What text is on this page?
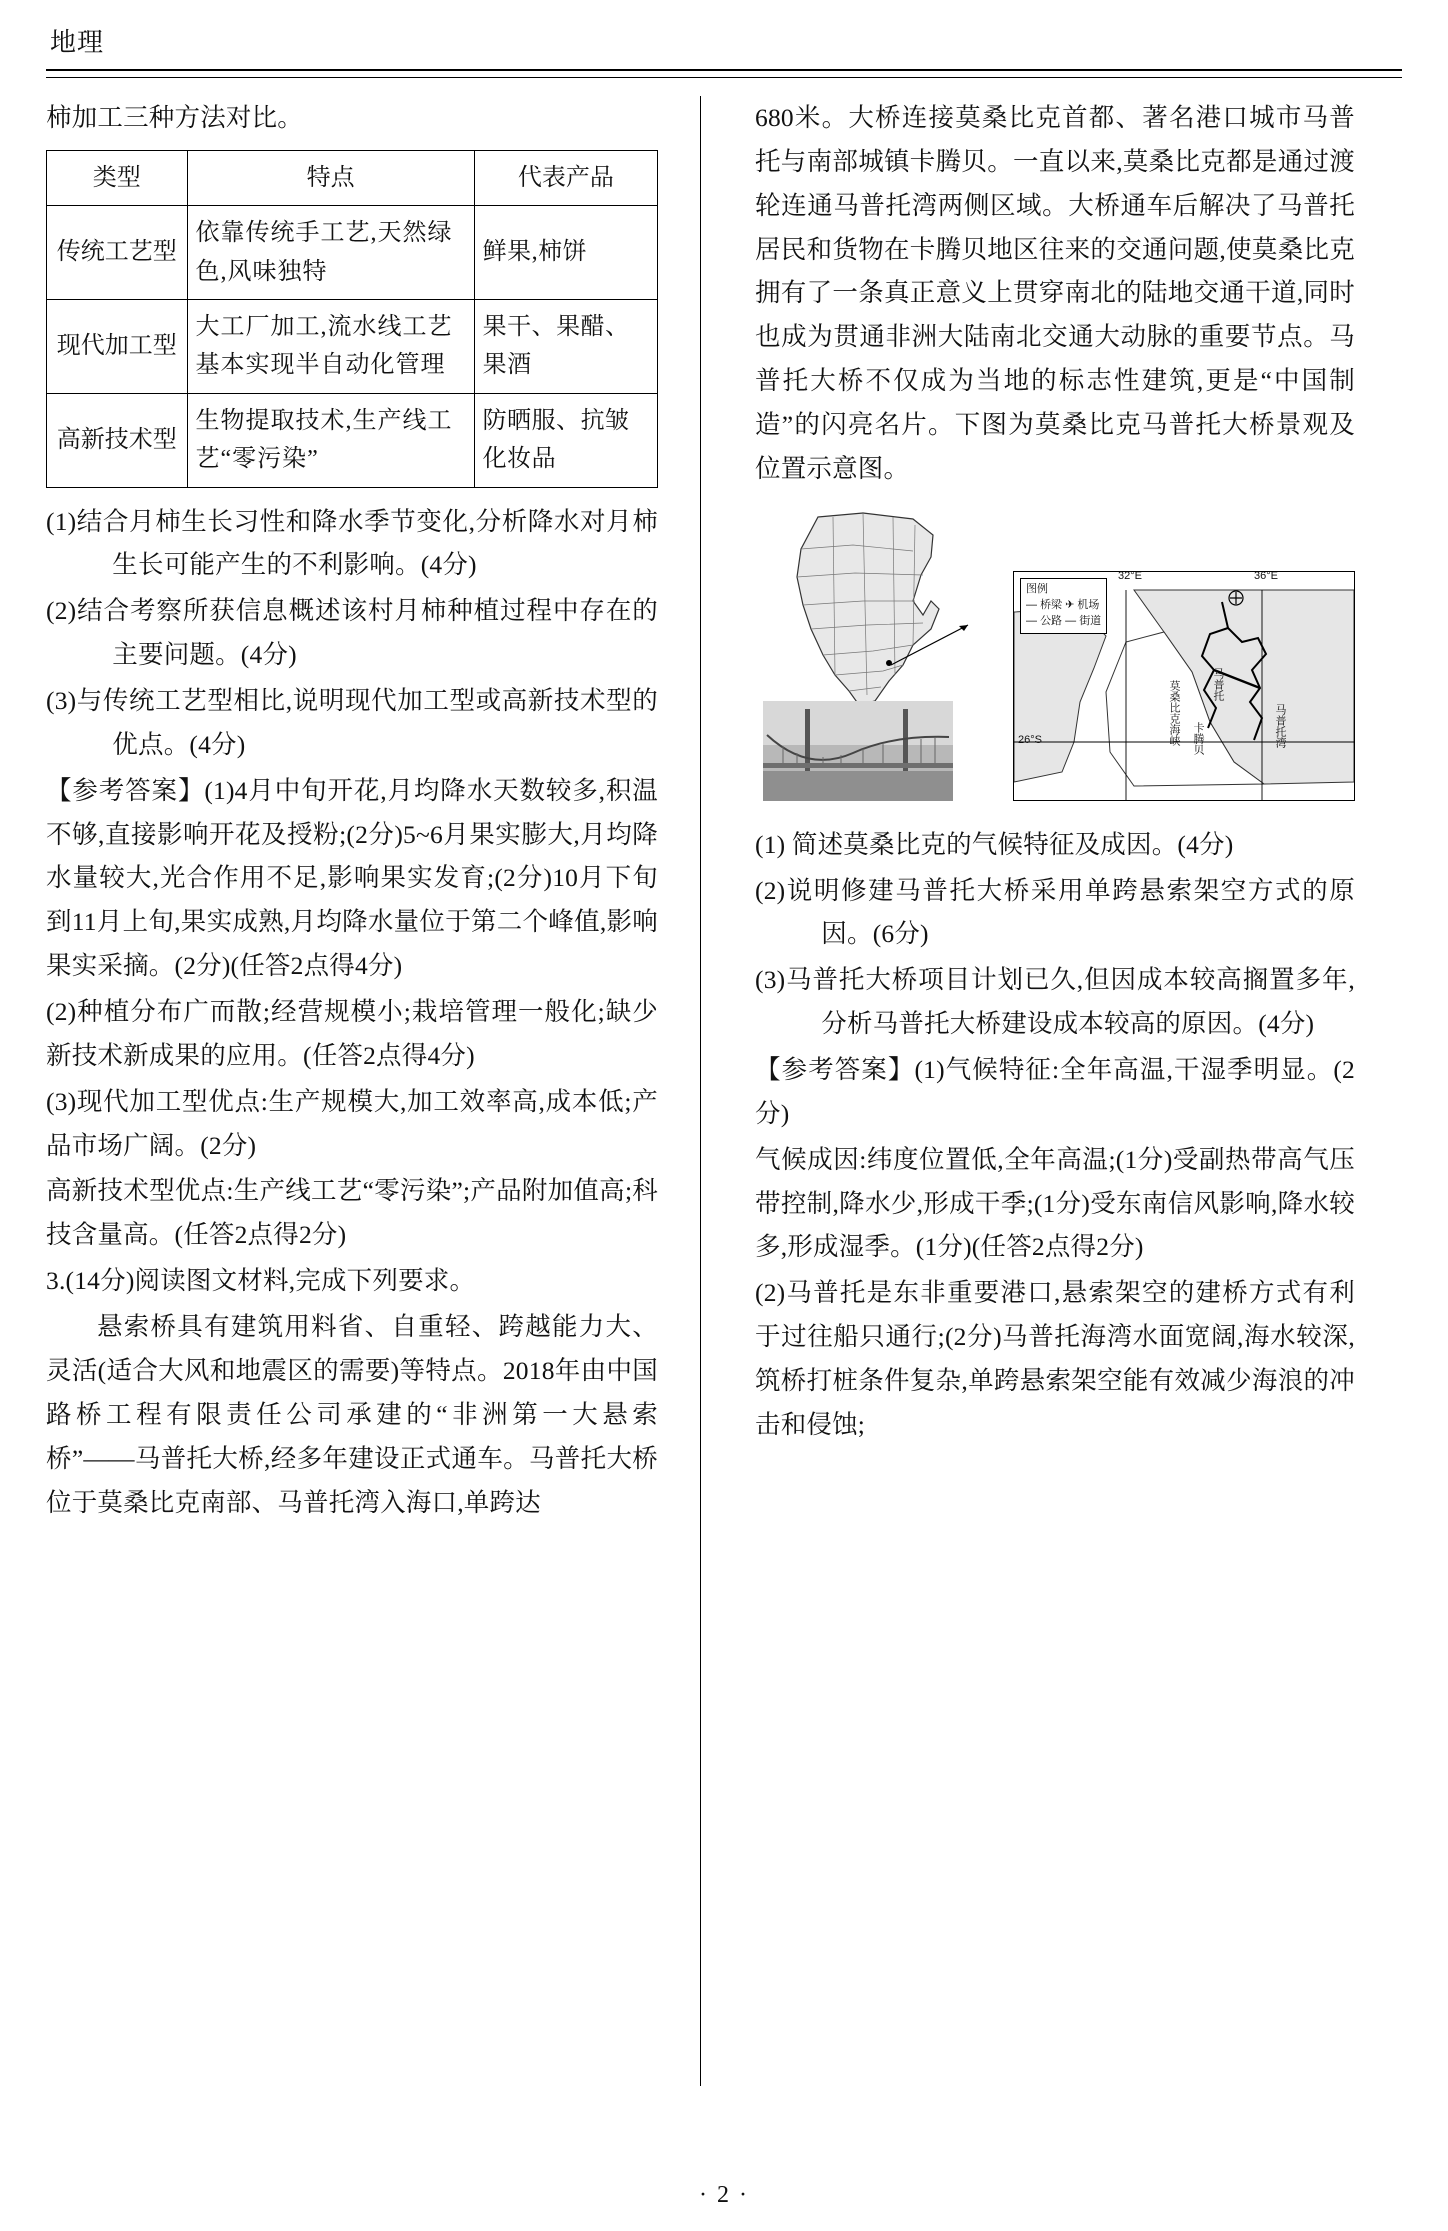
地理

柿加工三种方法对比。

类型	特点	代表产品
传统工艺型	依靠传统手工艺,天然绿色,风味独特	鲜果,柿饼
现代加工型	大工厂加工,流水线工艺基本实现半自动化管理	果干、果醋、果酒
高新技术型	生物提取技术,生产线工艺“零污染”	防晒服、抗皱化妆品

(1)结合月柿生长习性和降水季节变化,分析降水对月柿生长可能产生的不利影响。(4分)

(2)结合考察所获信息概述该村月柿种植过程中存在的主要问题。(4分)

(3)与传统工艺型相比,说明现代加工型或高新技术型的优点。(4分)

【参考答案】(1)4月中旬开花,月均降水天数较多,积温不够,直接影响开花及授粉;(2分)5~6月果实膨大,月均降水量较大,光合作用不足,影响果实发育;(2分)10月下旬到11月上旬,果实成熟,月均降水量位于第二个峰值,影响果实采摘。(2分)(任答2点得4分)

(2)种植分布广而散;经营规模小;栽培管理一般化;缺少新技术新成果的应用。(任答2点得4分)

(3)现代加工型优点:生产规模大,加工效率高,成本低;产品市场广阔。(2分)

高新技术型优点:生产线工艺“零污染”;产品附加值高;科技含量高。(任答2点得2分)

3.(14分)阅读图文材料,完成下列要求。

悬索桥具有建筑用料省、自重轻、跨越能力大、灵活(适合大风和地震区的需要)等特点。2018年由中国路桥工程有限责任公司承建的“非洲第一大悬索桥”——马普托大桥,经多年建设正式通车。马普托大桥位于莫桑比克南部、马普托湾入海口,单跨达

680米。大桥连接莫桑比克首都、著名港口城市马普托与南部城镇卡腾贝。一直以来,莫桑比克都是通过渡轮连通马普托湾两侧区域。大桥通车后解决了马普托居民和货物在卡腾贝地区往来的交通问题,使莫桑比克拥有了一条真正意义上贯穿南北的陆地交通干道,同时也成为贯通非洲大陆南北交通大动脉的重要节点。马普托大桥不仅成为当地的标志性建筑,更是“中国制造”的闪亮名片。下图为莫桑比克马普托大桥景观及位置示意图。

图例
— 桥梁 ✈ 机场
— 公路 — 街道
32°E	36°E
26°S	莫桑比克海峡	马普托
卡腾贝	马普托湾

(1) 简述莫桑比克的气候特征及成因。(4分)

(2)说明修建马普托大桥采用单跨悬索架空方式的原因。(6分)

(3)马普托大桥项目计划已久,但因成本较高搁置多年,分析马普托大桥建设成本较高的原因。(4分)

【参考答案】(1)气候特征:全年高温,干湿季明显。(2分)

气候成因:纬度位置低,全年高温;(1分)受副热带高气压带控制,降水少,形成干季;(1分)受东南信风影响,降水较多,形成湿季。(1分)(任答2点得2分)

(2)马普托是东非重要港口,悬索架空的建桥方式有利于过往船只通行;(2分)马普托海湾水面宽阔,海水较深,筑桥打桩条件复杂,单跨悬索架空能有效减少海浪的冲击和侵蚀;

· 2 ·
